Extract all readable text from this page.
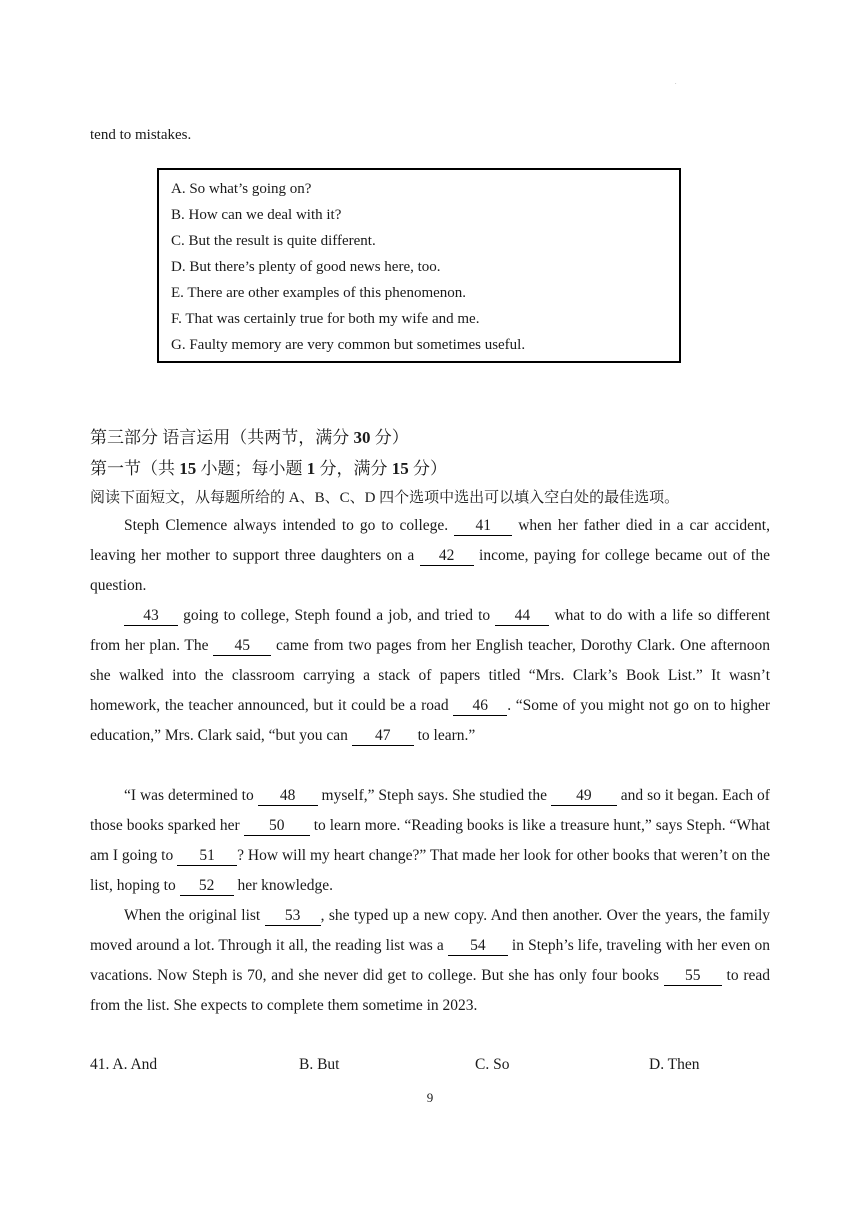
.
tend to mistakes.
A. So what’s going on?
B. How can we deal with it?
C. But the result is quite different.
D. But there’s plenty of good news here, too.
E. There are other examples of this phenomenon.
F. That was certainly true for both my wife and me.
G. Faulty memory are very common but sometimes useful.
第三部分 语言运用（共两节，满分 30 分）
第一节（共 15 小题；每小题 1 分，满分 15 分）
阅读下面短文，从每题所给的 A、B、C、D 四个选项中选出可以填入空白处的最佳选项。
Steph Clemence always intended to go to college. 41 when her father died in a car accident, leaving her mother to support three daughters on a 42 income, paying for college became out of the question.
43 going to college, Steph found a job, and tried to 44 what to do with a life so different from her plan. The 45 came from two pages from her English teacher, Dorothy Clark. One afternoon she walked into the classroom carrying a stack of papers titled “Mrs. Clark’s Book List.” It wasn’t homework, the teacher announced, but it could be a road 46 . “Some of you might not go on to higher education,” Mrs. Clark said, “but you can 47 to learn.”
“I was determined to 48 myself,” Steph says. She studied the 49 and so it began. Each of those books sparked her 50 to learn more. “Reading books is like a treasure hunt,” says Steph. “What am I going to 51 ? How will my heart change?” That made her look for other books that weren’t on the list, hoping to 52 her knowledge.
When the original list 53 , she typed up a new copy. And then another. Over the years, the family moved around a lot. Through it all, the reading list was a 54 in Steph’s life, traveling with her even on vacations. Now Steph is 70, and she never did get to college. But she has only four books 55 to read from the list. She expects to complete them sometime in 2023.
41. A. And	B. But	C. So	D. Then
9
